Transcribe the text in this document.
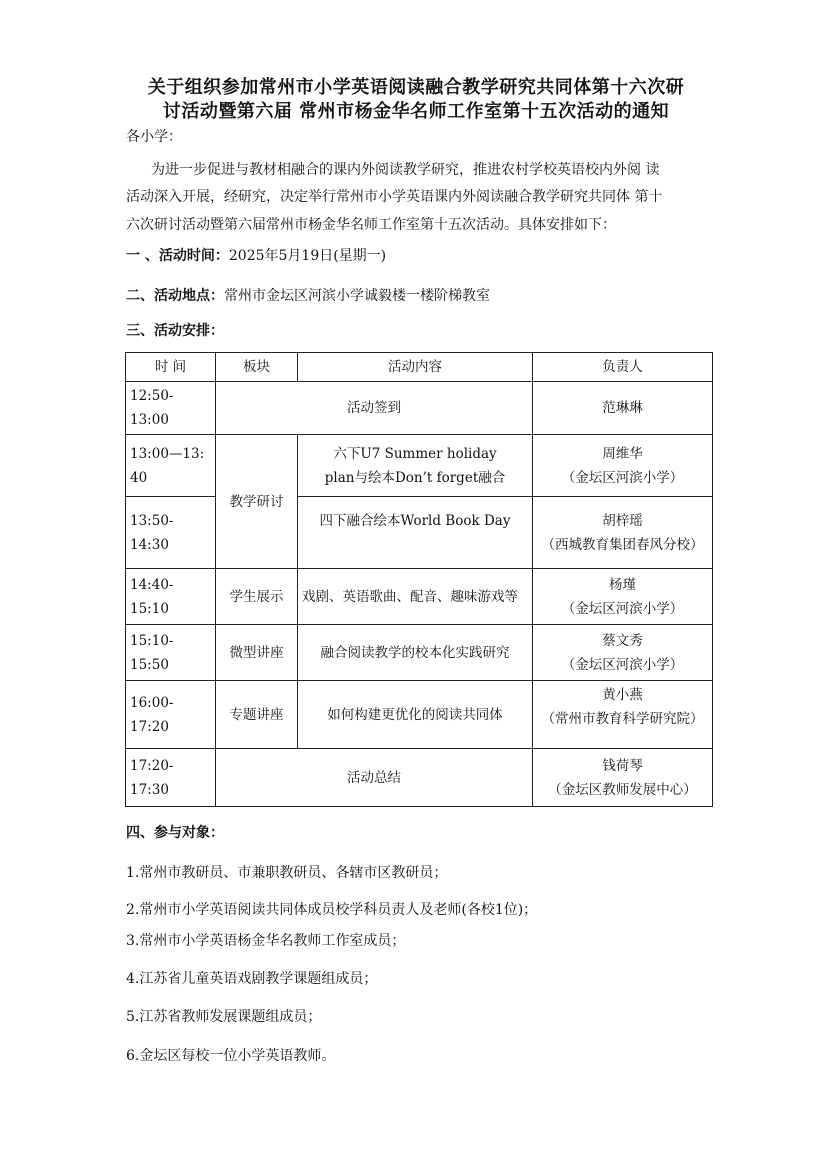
关于组织参加常州市小学英语阅读融合教学研究共同体第十六次研
讨活动暨第六届 常州市杨金华名师工作室第十五次活动的通知
各小学：
为进一步促进与教材相融合的课内外阅读教学研究，推进农村学校英语校内外阅 读
活动深入开展，经研究，决定举行常州市小学英语课内外阅读融合教学研究共同体 第十
六次研讨活动暨第六届常州市杨金华名师工作室第十五次活动。具体安排如下：
一 、活动时间：2025年5月19日(星期一)
二、活动地点：常州市金坛区河滨小学诚毅楼一楼阶梯教室
三、活动安排：
时 间	板块	活动内容	负责人
12:50-13:00	活动签到		范琳琳
13:00—13:40	教学研讨	六下U7 Summer holiday
plan与绘本Don’t forget融合	周维华
（金坛区河滨小学）

13:50-14:30		四下融合绘本World Book Day	胡梓瑶
（西城教育集团春风分校）

14:40-15:10	学生展示	戏剧、英语歌曲、配音、趣味游戏等	杨瑾
（金坛区河滨小学）

15:10-15:50	微型讲座	融合阅读教学的校本化实践研究	蔡文秀
（金坛区河滨小学）

16:00-17:20	专题讲座	如何构建更优化的阅读共同体	黄小燕
（常州市教育科学研究院）

17:20-17:30	活动总结		钱荷琴
（金坛区教师发展中心）
四、参与对象：
1.常州市教研员、市兼职教研员、各辖市区教研员；
2.常州市小学英语阅读共同体成员校学科员责人及老师(各校1位)；
3.常州市小学英语杨金华名教师工作室成员；
4.江苏省儿童英语戏剧教学课题组成员；
5.江苏省教师发展课题组成员；
6.金坛区每校一位小学英语教师。
